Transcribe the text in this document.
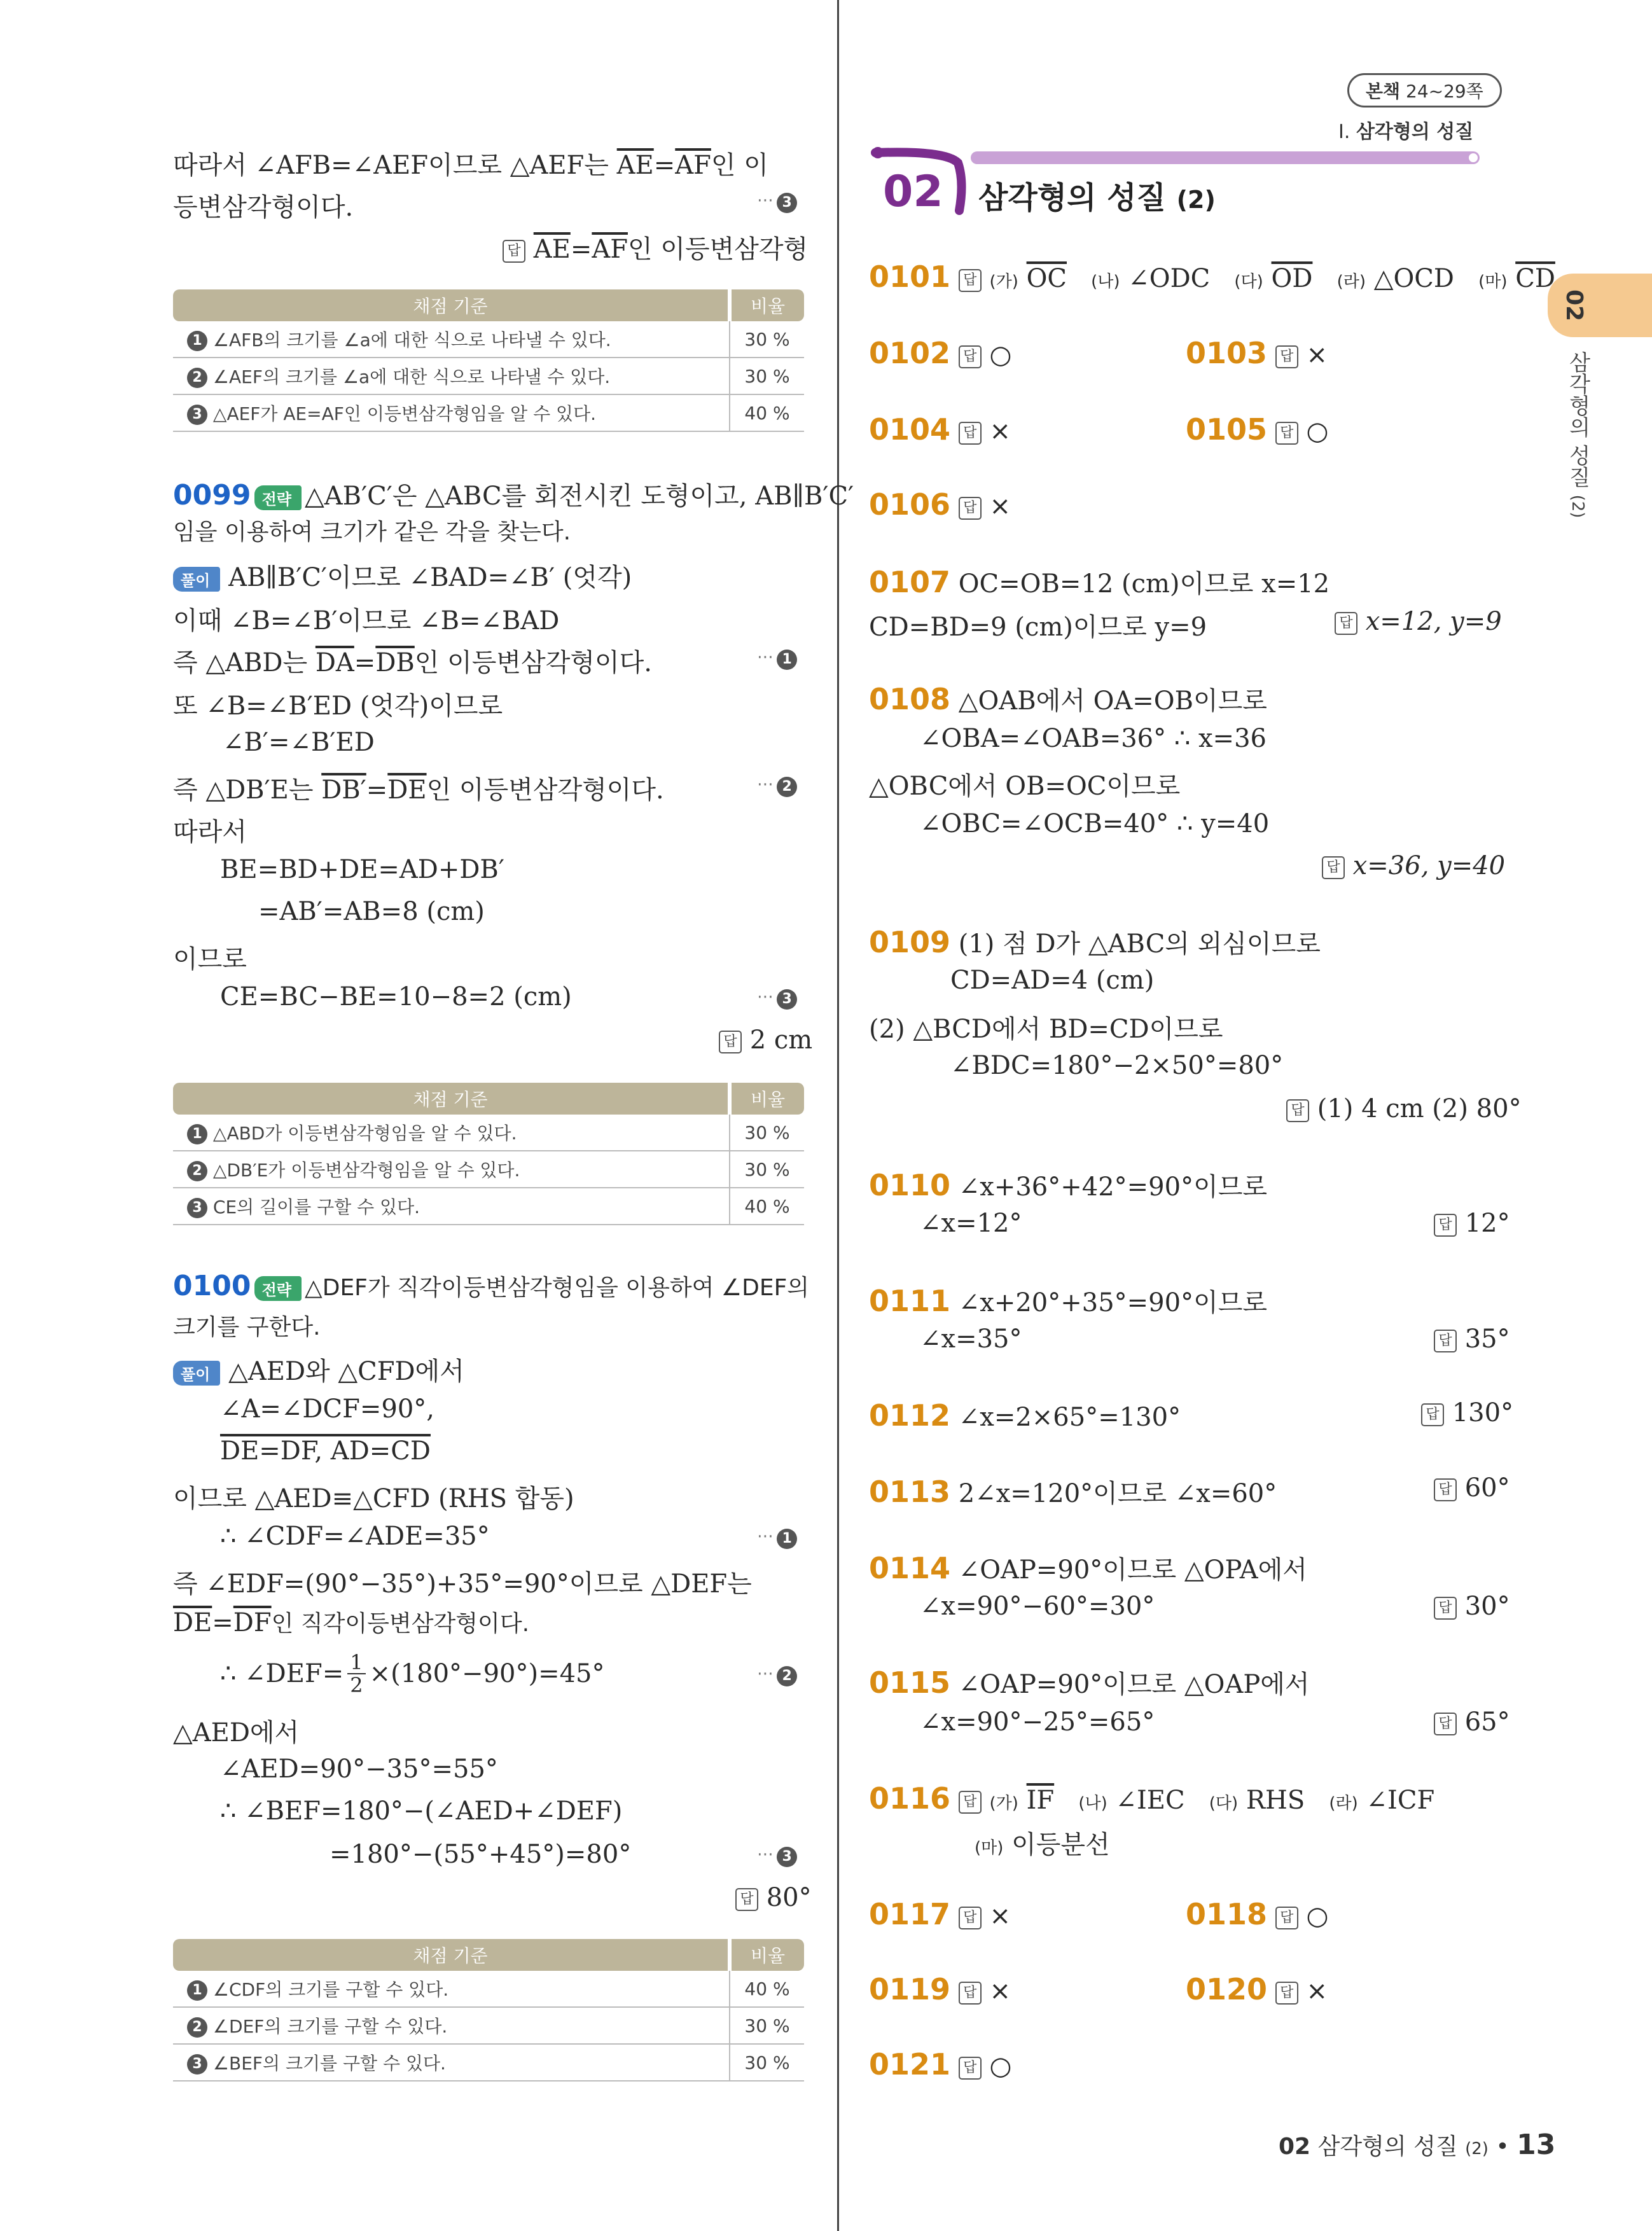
따라서 ∠AFB=∠AEF이므로 △AEF는 $\overline{AE}=\overline{AF}$인 이
등변삼각형이다.	⋯ 3
답 $\overline{AE}=\overline{AF}$인 이등변삼각형
채점 기준	비율
1 ∠AFB의 크기를 ∠a에 대한 식으로 나타낼 수 있다.	30 %
2 ∠AEF의 크기를 ∠a에 대한 식으로 나타낼 수 있다.	30 %
3 △AEF가 AE=AF인 이등변삼각형임을 알 수 있다.	40 %
0099 전략 △AB′C′은 △ABC를 회전시킨 도형이고, AB∥B′C′
임을 이용하여 크기가 같은 각을 찾는다.
풀이 AB∥B′C′이므로 ∠BAD=∠B′ (엇각)
이때 ∠B=∠B′이므로 ∠B=∠BAD
즉 △ABD는 $\overline{DA}=\overline{DB}$인 이등변삼각형이다.	⋯ 1
또 ∠B=∠B′ED (엇각)이므로
∠B′=∠B′ED
즉 △DB′E는 $DB'=\overline{DE}$인 이등변삼각형이다.	⋯ 2
따라서
BE=BD+DE=AD+DB′
=AB′=AB=8 (cm)
이므로
CE=BC−BE=10−8=2 (cm)	⋯ 3
답 2 cm
채점 기준	비율
1 △ABD가 이등변삼각형임을 알 수 있다.	30 %
2 △DB′E가 이등변삼각형임을 알 수 있다.	30 %
3 CE의 길이를 구할 수 있다.	40 %
0100 전략 △DEF가 직각이등변삼각형임을 이용하여 ∠DEF의
크기를 구한다.
풀이 △AED와 △CFD에서
∠A=∠DCF=90°,
DE=DF, AD=CD
이므로 △AED≡△CFD (RHS 합동)
∴ ∠CDF=∠ADE=35°	⋯ 1
즉 ∠EDF=(90°−35°)+35°=90°이므로 △DEF는
$\overline{DE}=\overline{DF}$인 직각이등변삼각형이다.
∴ ∠DEF= $\frac{1}{2} \times(180^\circ-90^\circ)=45^\circ$	⋯ 2
△AED에서
∠AED=90°−35°=55°
∴ ∠BEF=180°−(∠AED+∠DEF)
=180°−(55°+45°)=80°	⋯ 3
답 80°
채점 기준	비율
1 ∠CDF의 크기를 구할 수 있다.	40 %
2 ∠DEF의 크기를 구할 수 있다.	30 %
3 ∠BEF의 크기를 구할 수 있다.	30 %
본책 24~29쪽
Ⅰ. 삼각형의 성질
02 삼각형의 성질 (2)
02
삼각형의 성질 (2)
0101 답 (가) $\overline{OC}$ (나) ∠ODC (다) $\overline{OD}$ (라) △OCD (마) $\overline{CD}$
0102 답 ○	0103 답 ×
0104 답 ×	0105 답 ○
0106 답 ×
0107 OC=OB=12 (cm)이므로 x=12
CD=BD=9 (cm)이므로 y=9	답 x=12, y=9
0108 △OAB에서 OA=OB이므로
∠OBA=∠OAB=36° ∴ x=36
△OBC에서 OB=OC이므로
∠OBC=∠OCB=40° ∴ y=40
답 x=36, y=40
0109 (1) 점 D가 △ABC의 외심이므로
CD=AD=4 (cm)
(2) △BCD에서 BD=CD이므로
∠BDC=180°−2×50°=80°
답 (1) 4 cm (2) 80°
0110 ∠x+36°+42°=90°이므로
∠x=12°	답 12°
0111 ∠x+20°+35°=90°이므로
∠x=35°	답 35°
0112 ∠x=2×65°=130°	답 130°
0113 2∠x=120°이므로 ∠x=60°	답 60°
0114 ∠OAP=90°이므로 △OPA에서
∠x=90°−60°=30°	답 30°
0115 ∠OAP=90°이므로 △OAP에서
∠x=90°−25°=65°	답 65°
0116 답 (가) $\overline{IF}$ (나) ∠IEC (다) RHS (라) ∠ICF
(마) 이등분선
0117 답 ×	0118 답 ○
0119 답 ×	0120 답 ×
0121 답 ○
02 삼각형의 성질 (2) • 13
